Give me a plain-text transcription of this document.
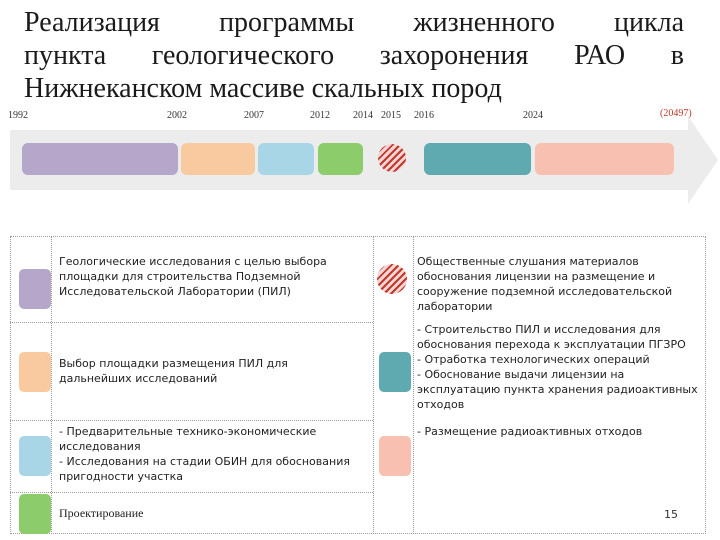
Реализация программы жизненного цикла
пункта геологического захоронения РАО в
Нижнеканском массиве скальных пород
1992	2002	2007	2012 2014 2015 2016	2024	(20497)

Геологические исследования с целью выбора площадки для строительства Подземной Исследовательской Лаборатории (ПИЛ)

Выбор площадки размещения ПИЛ для дальнейших исследований

- Предварительные технико-экономические исследования

- Исследования на стадии ОБИН для обоснования пригодности участка

Проектирование

Общественные слушания материалов обоснования лицензии на размещение и сооружение подземной исследовательской лаборатории

- Строительство ПИЛ и исследования для обоснования перехода к эксплуатации ПГЗРО

- Отработка технологических операций

- Обоснование выдачи лицензии на эксплуатацию пункта хранения радиоактивных отходов

- Размещение радиоактивных отходов

15
